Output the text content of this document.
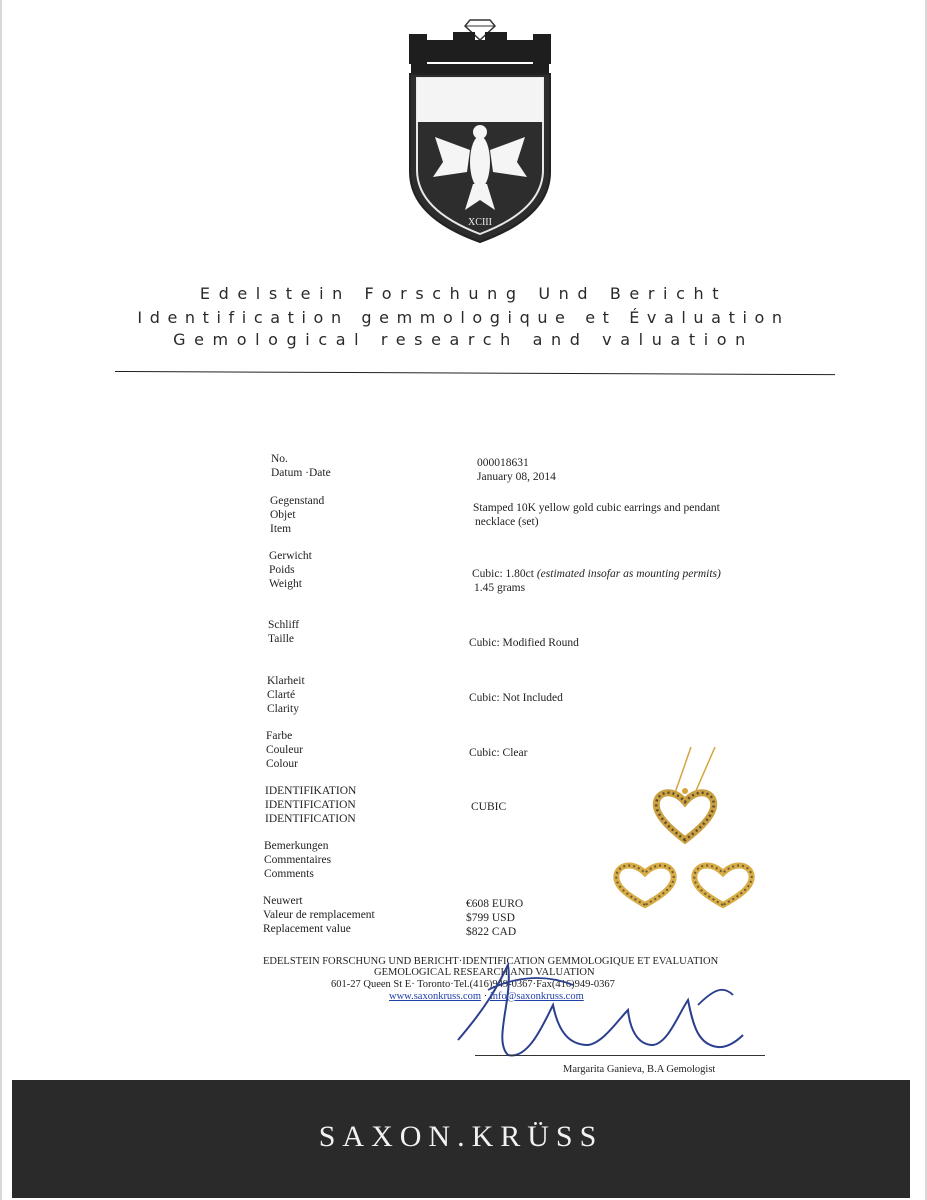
XCIII
Edelstein Forschung Und Bericht
Identification gemmologique et Évaluation
Gemological research and valuation
No.
Datum ·Date
Gegenstand
Objet
Item
Gerwicht
Poids
Weight
Schliff
Taille
Klarheit
Clarté
Clarity
Farbe
Couleur
Colour
IDENTIFIKATION
IDENTIFICATION
IDENTIFICATION
Bemerkungen
Commentaires
Comments
Neuwert
Valeur de remplacement
Replacement value
000018631
January 08, 2014
Stamped 10K yellow gold cubic earrings and pendant
necklace (set)
Cubic: 1.80ct (estimated insofar as mounting permits)
1.45 grams
Cubic: Modified Round
Cubic: Not Included
Cubic: Clear
CUBIC
€608 EURO
$799 USD
$822 CAD
EDELSTEIN FORSCHUNG UND BERICHT·IDENTIFICATION GEMMOLOGIQUE ET EVALUATION
GEMOLOGICAL RESEARCH AND VALUATION
601-27 Queen St E· Toronto·Tel.(416)949-0367·Fax(416)949-0367
www.saxonkruss.com · info@saxonkruss.com
Margarita Ganieva, B.A Gemologist
SAXON.KRÜSS
